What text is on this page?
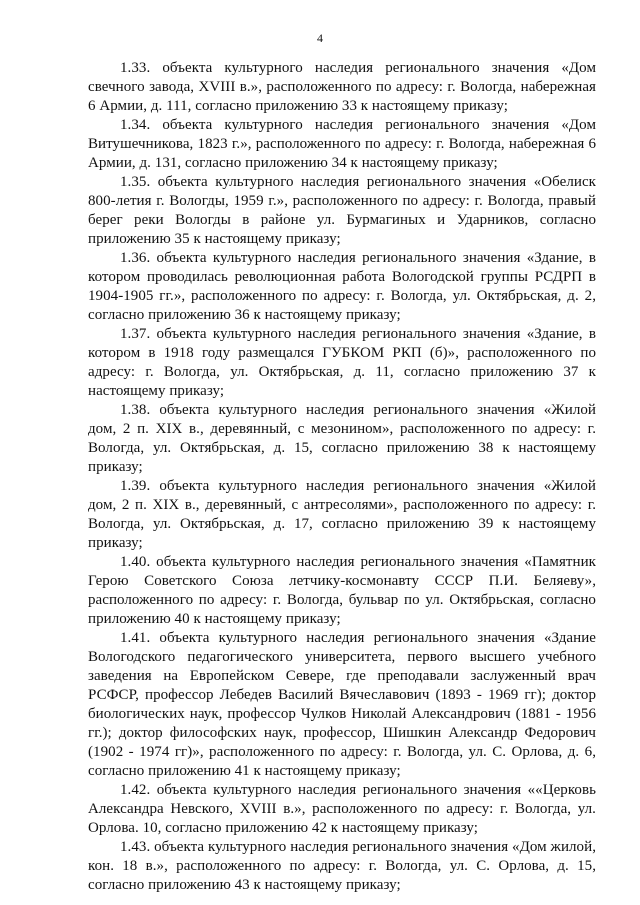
4

1.33. объекта культурного наследия регионального значения «Дом свечного завода, XVIII в.», расположенного по адресу: г. Вологда, набережная 6 Армии, д. 111, согласно приложению 33 к настоящему приказу;

1.34. объекта культурного наследия регионального значения «Дом Витушечникова, 1823 г.», расположенного по адресу: г. Вологда, набережная 6 Армии, д. 131, согласно приложению 34 к настоящему приказу;

1.35. объекта культурного наследия регионального значения «Обелиск 800-летия г. Вологды, 1959 г.», расположенного по адресу: г. Вологда, правый берег реки Вологды в районе ул. Бурмагиных и Ударников, согласно приложению 35 к настоящему приказу;

1.36. объекта культурного наследия регионального значения «Здание, в котором проводилась революционная работа Вологодской группы РСДРП в 1904-1905 гг.», расположенного по адресу: г. Вологда, ул. Октябрьская, д. 2, согласно приложению 36 к настоящему приказу;

1.37. объекта культурного наследия регионального значения «Здание, в котором в 1918 году размещался ГУБКОМ РКП (б)», расположенного по адресу: г. Вологда, ул. Октябрьская, д. 11, согласно приложению 37 к настоящему приказу;

1.38. объекта культурного наследия регионального значения «Жилой дом, 2 п. XIX в., деревянный, с мезонином», расположенного по адресу: г. Вологда, ул. Октябрьская, д. 15, согласно приложению 38 к настоящему приказу;

1.39. объекта культурного наследия регионального значения «Жилой дом, 2 п. XIX в., деревянный, с антресолями», расположенного по адресу: г. Вологда, ул. Октябрьская, д. 17, согласно приложению 39 к настоящему приказу;

1.40. объекта культурного наследия регионального значения «Памятник Герою Советского Союза летчику-космонавту СССР П.И. Беляеву», расположенного по адресу: г. Вологда, бульвар по ул. Октябрьская, согласно приложению 40 к настоящему приказу;

1.41. объекта культурного наследия регионального значения «Здание Вологодского педагогического университета, первого высшего учебного заведения на Европейском Севере, где преподавали заслуженный врач РСФСР, профессор Лебедев Василий Вячеславович (1893 - 1969 гг); доктор биологических наук, профессор Чулков Николай Александрович (1881 - 1956 гг.); доктор философских наук, профессор, Шишкин Александр Федорович (1902 - 1974 гг)», расположенного по адресу: г. Вологда, ул. С. Орлова, д. 6, согласно приложению 41 к настоящему приказу;

1.42. объекта культурного наследия регионального значения ««Церковь Александра Невского, XVIII в.», расположенного по адресу: г. Вологда, ул. Орлова. 10, согласно приложению 42 к настоящему приказу;

1.43. объекта культурного наследия регионального значения «Дом жилой, кон. 18 в.», расположенного по адресу: г. Вологда, ул. С. Орлова, д. 15, согласно приложению 43 к настоящему приказу;
